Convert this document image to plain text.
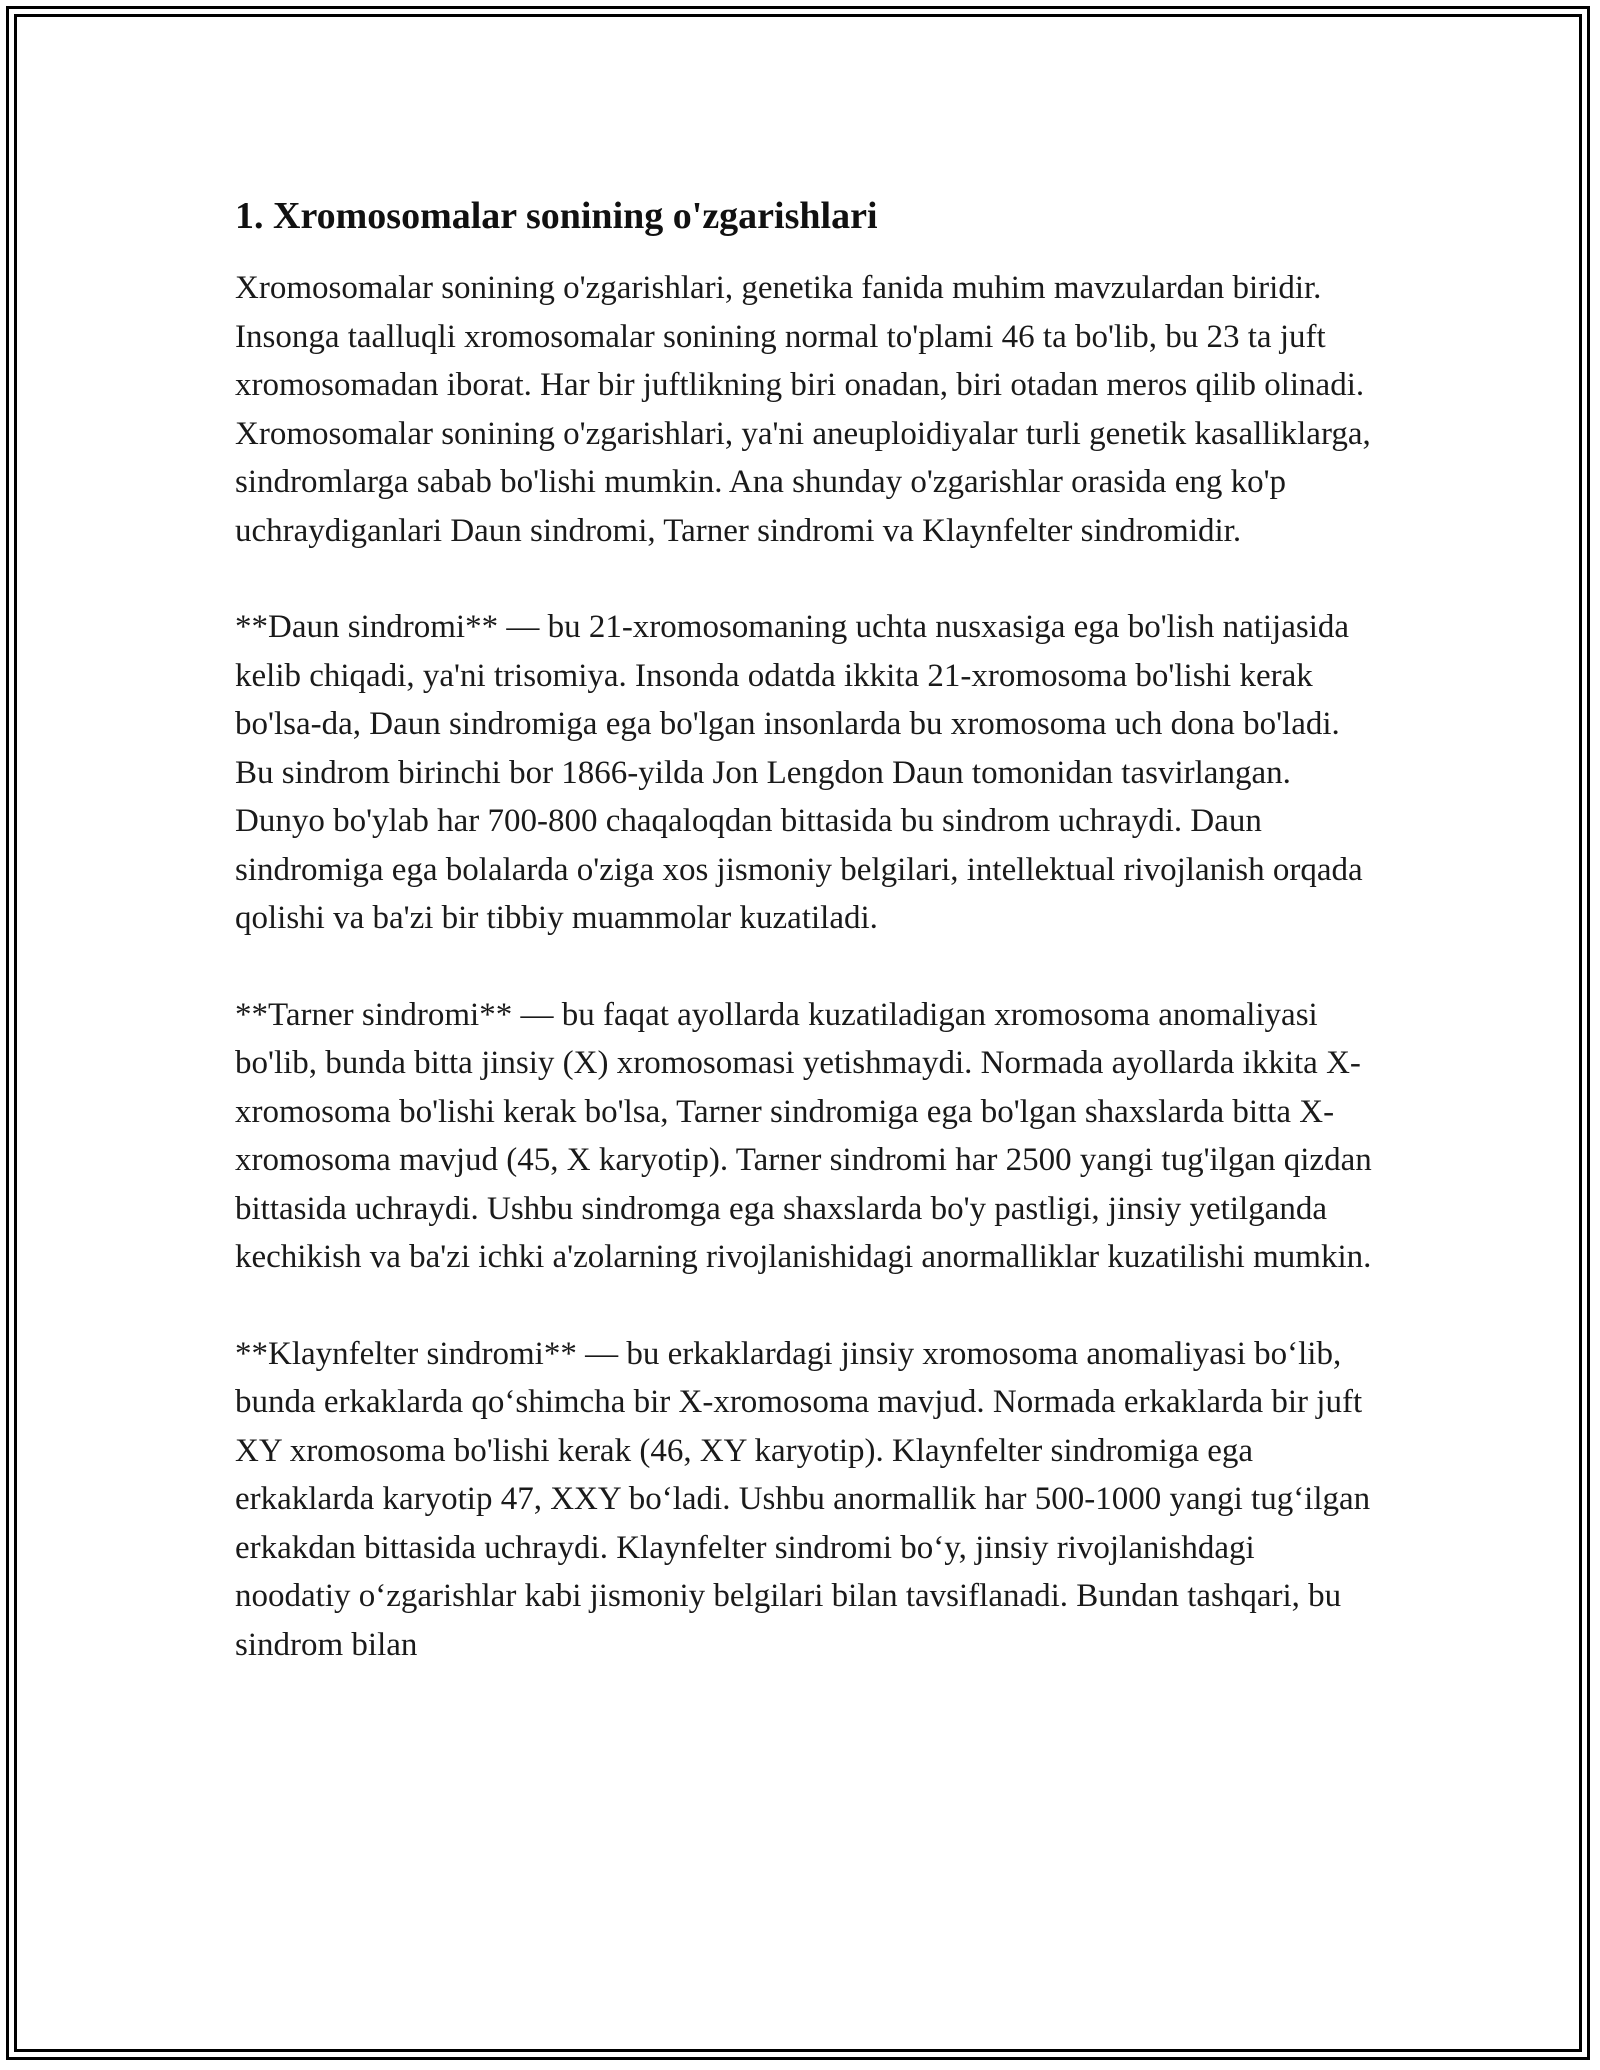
1. Xromosomalar sonining o'zgarishlari

Xromosomalar sonining o'zgarishlari, genetika fanida muhim mavzulardan biridir. Insonga taalluqli xromosomalar sonining normal to'plami 46 ta bo'lib, bu 23 ta juft xromosomadan iborat. Har bir juftlikning biri onadan, biri otadan meros qilib olinadi. Xromosomalar sonining o'zgarishlari, ya'ni aneuploidiyalar turli genetik kasalliklarga, sindromlarga sabab bo'lishi mumkin. Ana shunday o'zgarishlar orasida eng ko'p uchraydiganlari Daun sindromi, Tarner sindromi va Klaynfelter sindromidir.

**Daun sindromi** — bu 21-xromosomaning uchta nusxasiga ega bo'lish natijasida kelib chiqadi, ya'ni trisomiya. Insonda odatda ikkita 21-xromosoma bo'lishi kerak bo'lsa-da, Daun sindromiga ega bo'lgan insonlarda bu xromosoma uch dona bo'ladi. Bu sindrom birinchi bor 1866-yilda Jon Lengdon Daun tomonidan tasvirlangan. Dunyo bo'ylab har 700-800 chaqaloqdan bittasida bu sindrom uchraydi. Daun sindromiga ega bolalarda o'ziga xos jismoniy belgilari, intellektual rivojlanish orqada qolishi va ba'zi bir tibbiy muammolar kuzatiladi.

**Tarner sindromi** — bu faqat ayollarda kuzatiladigan xromosoma anomaliyasi bo'lib, bunda bitta jinsiy (X) xromosomasi yetishmaydi. Normada ayollarda ikkita X-xromosoma bo'lishi kerak bo'lsa, Tarner sindromiga ega bo'lgan shaxslarda bitta X-xromosoma mavjud (45, X karyotip). Tarner sindromi har 2500 yangi tug'ilgan qizdan bittasida uchraydi. Ushbu sindromga ega shaxslarda bo'y pastligi, jinsiy yetilganda kechikish va ba'zi ichki a'zolarning rivojlanishidagi anormalliklar kuzatilishi mumkin.

**Klaynfelter sindromi** — bu erkaklardagi jinsiy xromosoma anomaliyasi boʻlib, bunda erkaklarda qoʻshimcha bir X-xromosoma mavjud. Normada erkaklarda bir juft XY xromosoma bo'lishi kerak (46, XY karyotip). Klaynfelter sindromiga ega erkaklarda karyotip 47, XXY boʻladi. Ushbu anormallik har 500-1000 yangi tugʻilgan erkakdan bittasida uchraydi. Klaynfelter sindromi boʻy, jinsiy rivojlanishdagi noodatiy oʻzgarishlar kabi jismoniy belgilari bilan tavsiflanadi. Bundan tashqari, bu sindrom bilan
